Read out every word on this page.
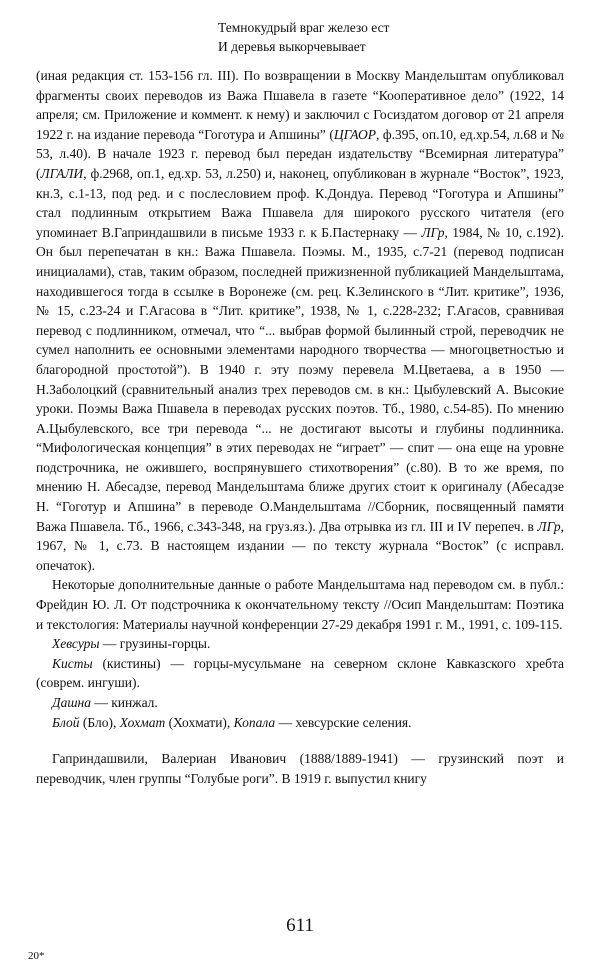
Темнокудрый враг железо ест
И деревья выкорчевывает

(иная редакция ст. 153-156 гл. III). По возвращении в Москву Мандельштам опубликовал фрагменты своих переводов из Важа Пшавела в газете “Кооперативное дело” (1922, 14 апреля; см. Приложение и коммент. к нему) и заключил с Госиздатом договор от 21 апреля 1922 г. на издание перевода “Гоготура и Апшины” (ЦГАОР, ф.395, оп.10, ед.хр.54, л.68 и № 53, л.40). В начале 1923 г. перевод был передан издательству “Всемирная литература” (ЛГАЛИ, ф.2968, оп.1, ед.хр. 53, л.250) и, наконец, опубликован в журнале “Восток”, 1923, кн.3, с.1-13, под ред. и с послесловием проф. К.Дондуа. Перевод “Гоготура и Апшины” стал подлинным открытием Важа Пшавела для широкого русского читателя (его упоминает В.Гаприндашвили в письме 1933 г. к Б.Пастернаку — ЛГр, 1984, № 10, с.192). Он был перепечатан в кн.: Важа Пшавела. Поэмы. М., 1935, с.7-21 (перевод подписан инициалами), став, таким образом, последней прижизненной публикацией Мандельштама, находившегося тогда в ссылке в Воронеже (см. рец. К.Зелинского в “Лит. критике”, 1936, № 15, с.23-24 и Г.Агасова в “Лит. критике”, 1938, № 1, с.228-232; Г.Агасов, сравнивая перевод с подлинником, отмечал, что “... выбрав формой былинный строй, переводчик не сумел наполнить ее основными элементами народного творчества — многоцветностью и благородной простотой”). В 1940 г. эту поэму перевела М.Цветаева, а в 1950 — Н.Заболоцкий (сравнительный анализ трех переводов см. в кн.: Цыбулевский А. Высокие уроки. Поэмы Важа Пшавела в переводах русских поэтов. Тб., 1980, с.54-85). По мнению А.Цыбулевского, все три перевода “... не достигают высоты и глубины подлинника. “Мифологическая концепция” в этих переводах не “играет” — спит — она еще на уровне подстрочника, не ожившего, воспрянувшего стихотворения” (с.80). В то же время, по мнению Н. Абесадзе, перевод Мандельштама ближе других стоит к оригиналу (Абесадзе Н. “Гоготур и Апшина” в переводе О.Мандельштама //Сборник, посвященный памяти Важа Пшавела. Тб., 1966, с.343-348, на груз.яз.). Два отрывка из гл. III и IV перепеч. в ЛГр, 1967, № 1, с.73. В настоящем издании — по тексту журнала “Восток” (с исправл. опечаток).

Некоторые дополнительные данные о работе Мандельштама над переводом см. в публ.: Фрейдин Ю. Л. От подстрочника к окончательному тексту //Осип Мандельштам: Поэтика и текстология: Материалы научной конференции 27-29 декабря 1991 г. М., 1991, с. 109-115.

Хевсуры — грузины-горцы.

Кисты (кистины) — горцы-мусульмане на северном склоне Кавказского хребта (соврем. ингуши).

Дашна — кинжал.

Блой (Бло), Хохмат (Хохмати), Копала — хевсурские селения.

Гаприндашвили, Валериан Иванович (1888/1889-1941) — грузинский поэт и переводчик, член группы “Голубые роги”. В 1919 г. выпустил книгу

611
20*
